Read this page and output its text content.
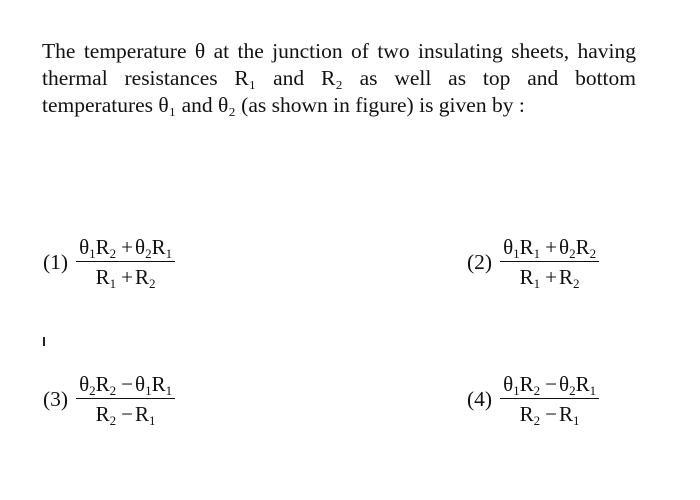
The temperature θ at the junction of two insulating sheets, having thermal resistances R₁ and R₂ as well as top and bottom temperatures θ₁ and θ₂ (as shown in figure) is given by :

$(1) \frac{\theta_1R_2 +\theta_2R_1}{R_1 +R_2}$	$(2) \frac{\theta_1R_1 +\theta_2R_2}{R_1 +R_2}$
$(3) \frac{\theta_2R_2 -\theta_1R_1}{R_2 -R_1}$	$(4) \frac{\theta_1R_2 -\theta_2R_1}{R_2 -R_1}$
